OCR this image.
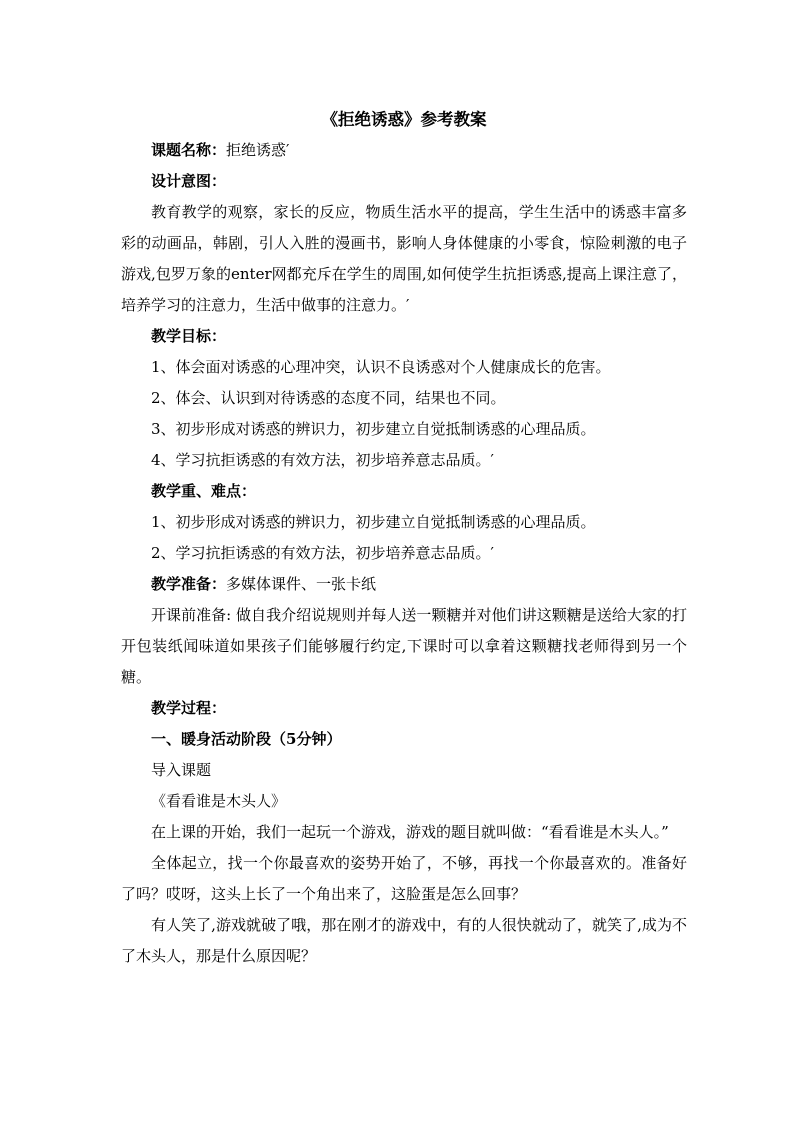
《拒绝诱惑》参考教案

课题名称：拒绝诱惑′

设计意图：

教育教学的观察，家长的反应，物质生活水平的提高，学生生活中的诱惑丰富多彩的动画品，韩剧，引人入胜的漫画书，影响人身体健康的小零食，惊险刺激的电子游戏,包罗万象的enter网都充斥在学生的周围,如何使学生抗拒诱惑,提高上课注意了，培养学习的注意力，生活中做事的注意力。′

教学目标：

1、体会面对诱惑的心理冲突，认识不良诱惑对个人健康成长的危害。

2、体会、认识到对待诱惑的态度不同，结果也不同。

3、初步形成对诱惑的辨识力，初步建立自觉抵制诱惑的心理品质。

4、学习抗拒诱惑的有效方法，初步培养意志品质。′

教学重、难点：

1、初步形成对诱惑的辨识力，初步建立自觉抵制诱惑的心理品质。

2、学习抗拒诱惑的有效方法，初步培养意志品质。′

教学准备：多媒体课件、一张卡纸

开课前准备: 做自我介绍说规则并每人送一颗糖并对他们讲这颗糖是送给大家的打开包装纸闻味道如果孩子们能够履行约定,下课时可以拿着这颗糖找老师得到另一个糖。

教学过程：

一、暖身活动阶段（5分钟）

导入课题

《看看谁是木头人》

在上课的开始，我们一起玩一个游戏，游戏的题目就叫做：“看看谁是木头人。”

全体起立，找一个你最喜欢的姿势开始了，不够，再找一个你最喜欢的。准备好了吗？哎呀，这头上长了一个角出来了，这脸蛋是怎么回事？

有人笑了,游戏就破了哦，那在刚才的游戏中，有的人很快就动了，就笑了,成为不了木头人，那是什么原因呢？
